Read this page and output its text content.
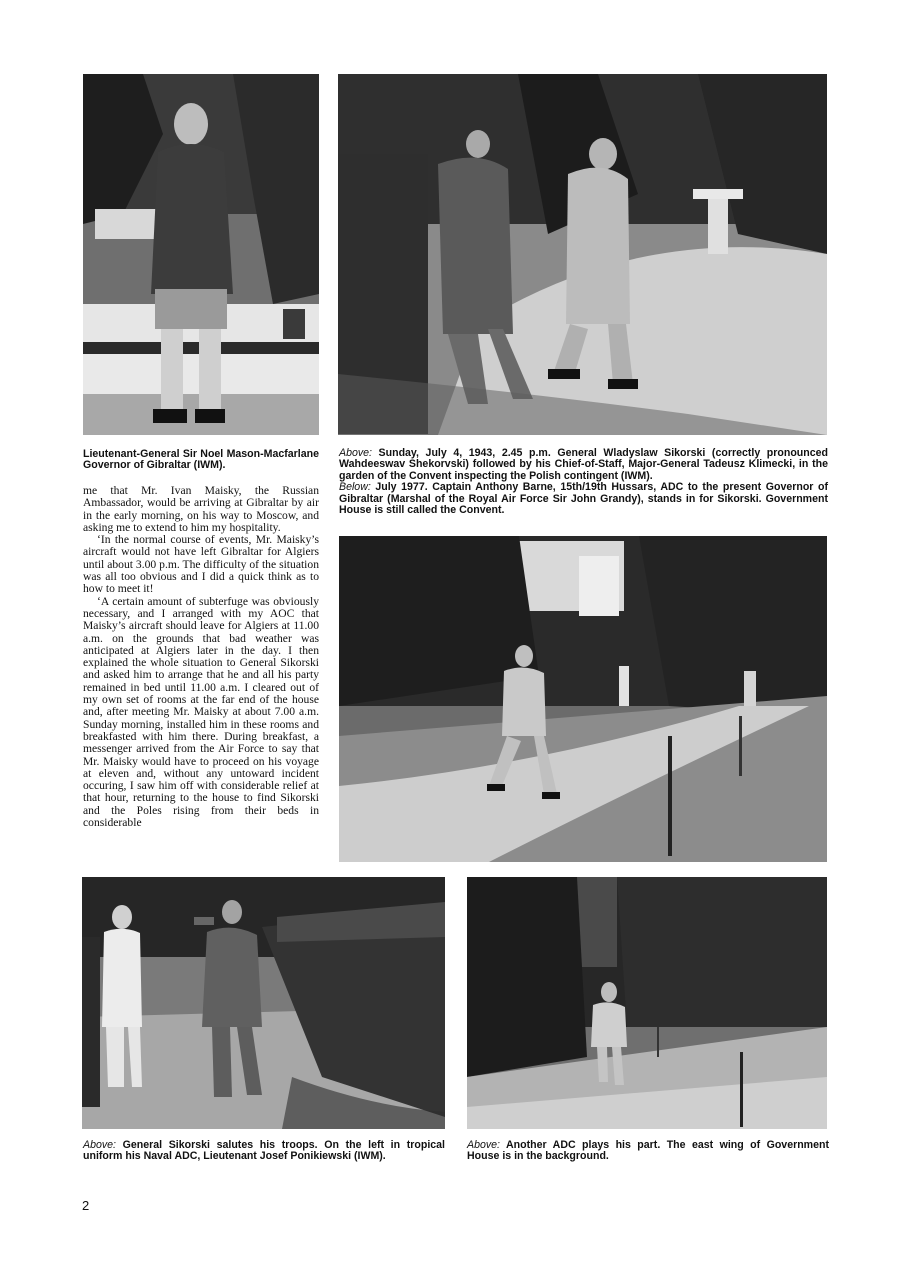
Lieutenant-General Sir Noel Mason-Macfarlane Governor of Gibraltar (IWM).
Above: Sunday, July 4, 1943, 2.45 p.m. General Wladyslaw Sikorski (correctly pronounced Wahdeeswav Shekorvski) followed by his Chief-of-Staff, Major-General Tadeusz Klimecki, in the garden of the Convent inspecting the Polish contingent (IWM).
Below: July 1977. Captain Anthony Barne, 15th/19th Hussars, ADC to the present Governor of Gibraltar (Marshal of the Royal Air Force Sir John Grandy), stands in for Sikorski. Government House is still called the Convent.

me that Mr. Ivan Maisky, the Russian Ambassador, would be arriving at Gibraltar by air in the early morning, on his way to Moscow, and asking me to extend to him my hospitality.

‘In the normal course of events, Mr. Maisky’s aircraft would not have left Gibraltar for Algiers until about 3.00 p.m. The difficulty of the situation was all too obvious and I did a quick think as to how to meet it!

‘A certain amount of subterfuge was obviously necessary, and I arranged with my AOC that Maisky’s aircraft should leave for Algiers at 11.00 a.m. on the grounds that bad weather was anticipated at Algiers later in the day. I then explained the whole situation to General Sikorski and asked him to arrange that he and all his party remained in bed until 11.00 a.m. I cleared out of my own set of rooms at the far end of the house and, after meeting Mr. Maisky at about 7.00 a.m. Sunday morning, installed him in these rooms and breakfasted with him there. During breakfast, a messenger arrived from the Air Force to say that Mr. Maisky would have to proceed on his voyage at eleven and, without any untoward incident occuring, I saw him off with considerable relief at that hour, returning to the house to find Sikorski and the Poles rising from their beds in considerable

Above: General Sikorski salutes his troops. On the left in tropical uniform his Naval ADC, Lieutenant Josef Ponikiewski (IWM).
Above: Another ADC plays his part. The east wing of Government House is in the background.
2
